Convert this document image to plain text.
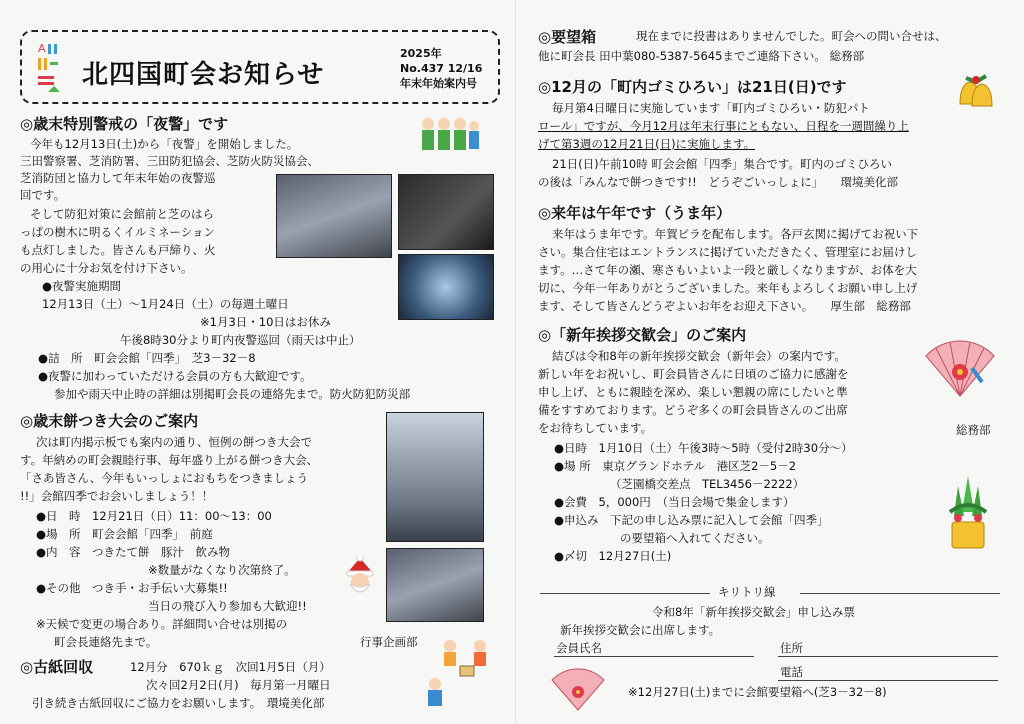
A
北四国町会お知らせ
2025年
No.437 12/16
年末年始案内号
◎歳末特別警戒の「夜警」です
今年も12月13日(土)から「夜警」を開始しました。
三田警察署、芝消防署、三田防犯協会、芝防火防災協会、
芝消防団と協力して年末年始の夜警巡
回です。
そして防犯対策に会館前と芝のはら
っぱの樹木に明るくイルミネーション
も点灯しました。皆さんも戸締り、火
の用心に十分お気を付け下さい。
●夜警実施期間
12月13日（土）～1月24日（土）の毎週土曜日
※1月3日・10日はお休み
午後8時30分より町内夜警巡回（雨天は中止）
●詰　所　町会会館「四季」　芝3－32－8
●夜警に加わっていただける会員の方も大歓迎です。
参加や雨天中止時の詳細は別掲町会長の連絡先まで。防火防犯防災部
◎歳末餅つき大会のご案内
次は町内掲示板でも案内の通り、恒例の餅つき大会で
す。年納めの町会親睦行事、毎年盛り上がる餅つき大会、
「さあ皆さん、今年もいっしょにおもちをつきましょう
!!」会館四季でお会いしましょう！！
●日　時　12月21日（日）11：00～13：00
●場　所　町会会館「四季」　前庭
●内　容　つきたて餅　豚汁　飲み物
※数量がなくなり次第終了。
●その他　つき手・お手伝い大募集!!
当日の飛び入り参加も大歓迎!!
※天候で変更の場合あり。詳細問い合せは別掲の
町会長連絡先まで。	行事企画部
◎古紙回収	12月分　670ｋｇ　次回1月5日（月）
次々回2月2日(月)　毎月第一月曜日
引き続き古紙回収にご協力をお願いします。　環境美化部
◎要望箱	現在までに投書はありませんでした。町会への問い合せは、
他に町会長 田中葉080-5387-5645までご連絡下さい。 総務部
◎12月の「町内ゴミひろい」は21日(日)です
毎月第4日曜日に実施しています「町内ゴミひろい・防犯パト
ロール」ですが、今月12月は年末行事にともない、日程を一週間繰り上
げて第3週の12月21日(日)に実施します。
21日(日)午前10時 町会会館「四季」集合です。町内のゴミひろい
の後は「みんなで餅つきです!!　どうぞごいっしょに」　　環境美化部
◎来年は午年です（うま年）
来年はうま年です。年賀ビラを配布します。各戸玄関に掲げてお祝い下
さい。集合住宅はエントランスに掲げていただきたく、管理室にお届けし
ます。…さて年の瀬、寒さもいよいよ一段と厳しくなりますが、お体を大
切に、今年一年ありがとうございました。来年もよろしくお願い申し上げ
ます、そして皆さんどうぞよいお年をお迎え下さい。　　厚生部　総務部
◎「新年挨拶交歓会」のご案内
結びは令和8年の新年挨拶交歓会（新年会）の案内です。
新しい年をお祝いし、町会員皆さんに日頃のご協力に感謝を
申し上げ、ともに親睦を深め、楽しい懇親の席にしたいと準
備をすすめております。どうぞ多くの町会員皆さんのご出席
をお待ちしています。	総務部
●日時　1月10日（土）午後3時～5時（受付2時30分～）
●場 所　東京グランドホテル　港区芝2－5－2
（芝園橋交差点　TEL3456－2222）
●会費　5，000円　（当日会場で集金します）
●申込み　下記の申し込み票に記入して会館「四季」
の要望箱へ入れてください。
●〆切　12月27日(土)
キリトリ線
令和8年「新年挨拶交歓会」申し込み票
新年挨拶交歓会に出席します。
会員氏名	住所
電話
※12月27日(土)までに会館要望箱へ(芝3－32－8)
